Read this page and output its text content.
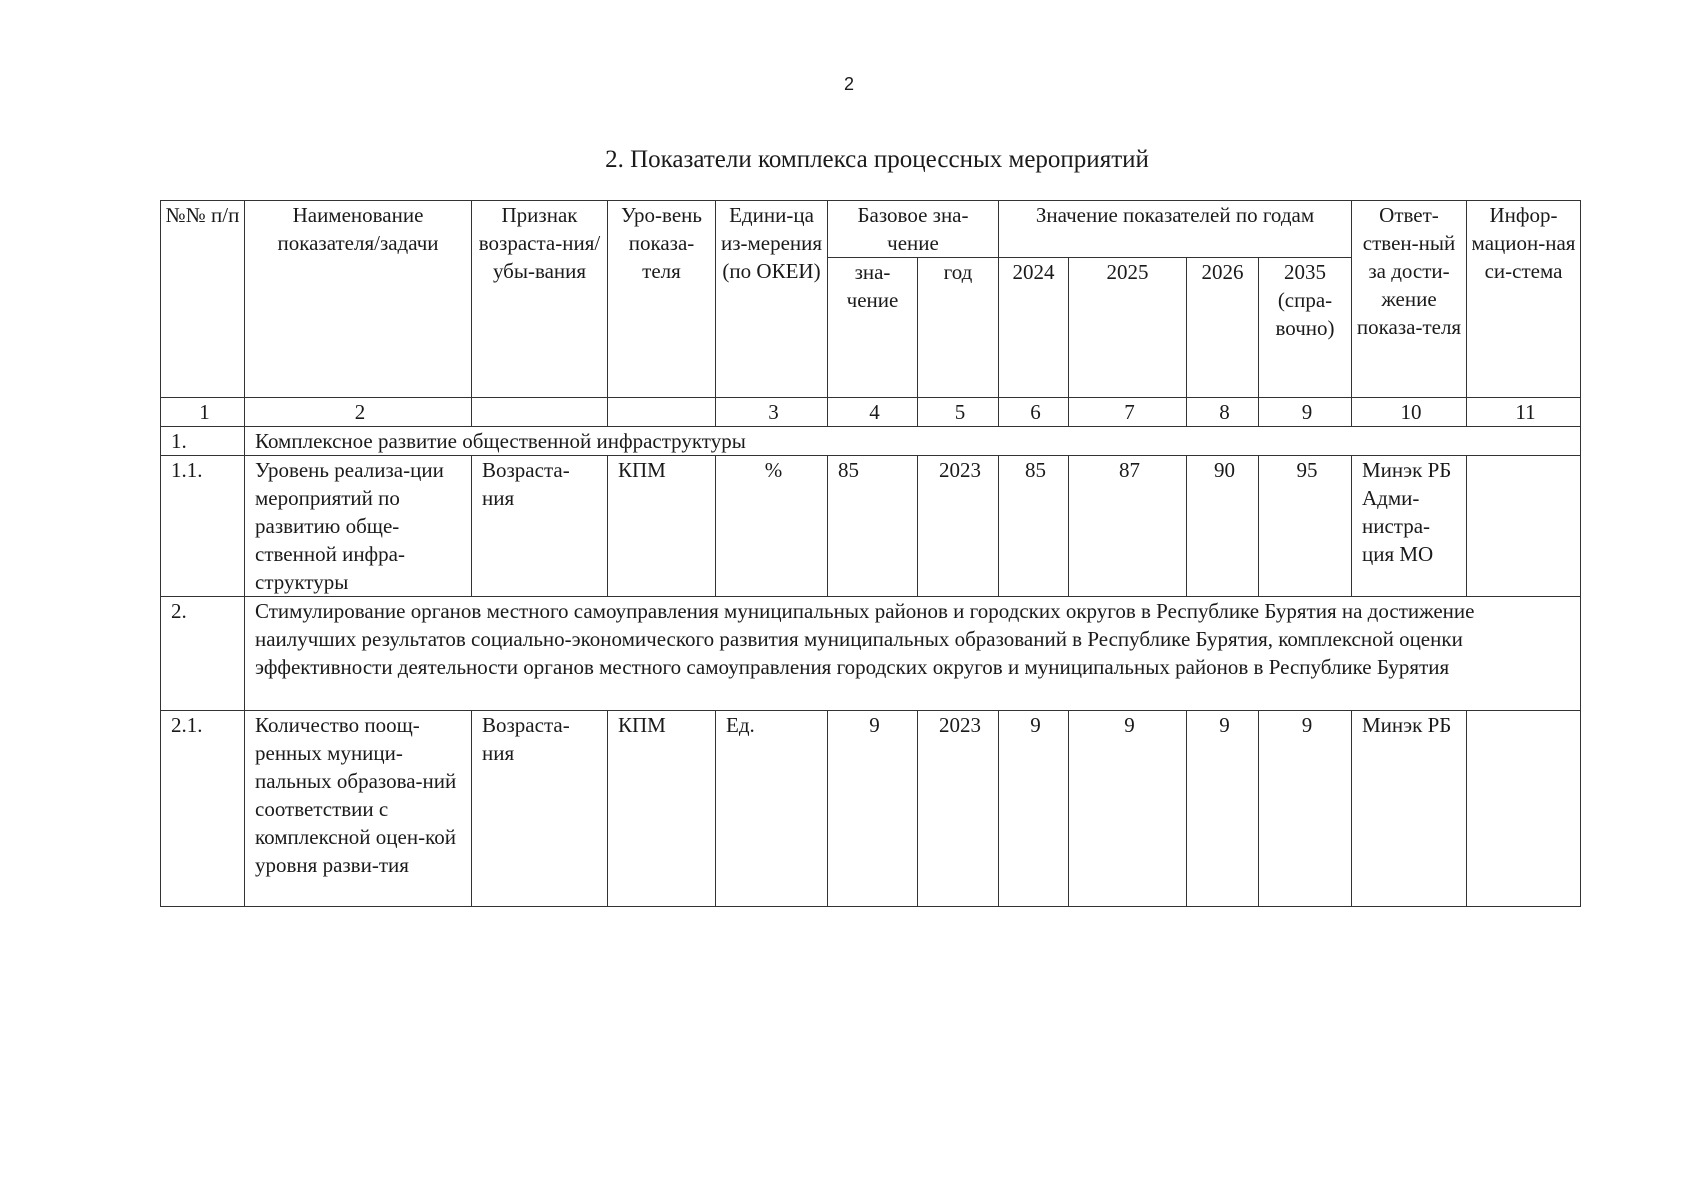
2
2. Показатели комплекса процессных мероприятий
№№ п/п	Наименование показателя/задачи	Признак возраста-ния/ убы-вания	Уро-вень показа-теля	Едини-ца из-мерения (по ОКЕИ)	Базовое зна-чение		Значение показателей по годам				Ответ-ствен-ный за дости-жение показа-теля	Инфор-мацион-ная си-стема
					зна-чение	год	2024	2025	2026	2035 (спра-вочно)		
1	2			3	4	5	6	7	8	9	10	11
1.	Комплексное развитие общественной инфраструктуры											
1.1.	Уровень реализа-ции мероприятий по развитию обще-ственной инфра-структуры	Возраста-ния	КПМ	%	85	2023	85	87	90	95	Минэк РБ Адми-нистра-ция МО	
2.	Стимулирование органов местного самоуправления муниципальных районов и городских округов в Республике Бурятия на достижение наилучших результатов социально-экономического развития муниципальных образований в Республике Бурятия, комплексной оценки эффективности деятельности органов местного самоуправления городских округов и муниципальных районов в Республике Бурятия											
2.1.	Количество поощ-ренных муници-пальных образова-ний соответствии с комплексной оцен-кой уровня разви-тия	Возраста-ния	КПМ	Ед.	9	2023	9	9	9	9	Минэк РБ	
